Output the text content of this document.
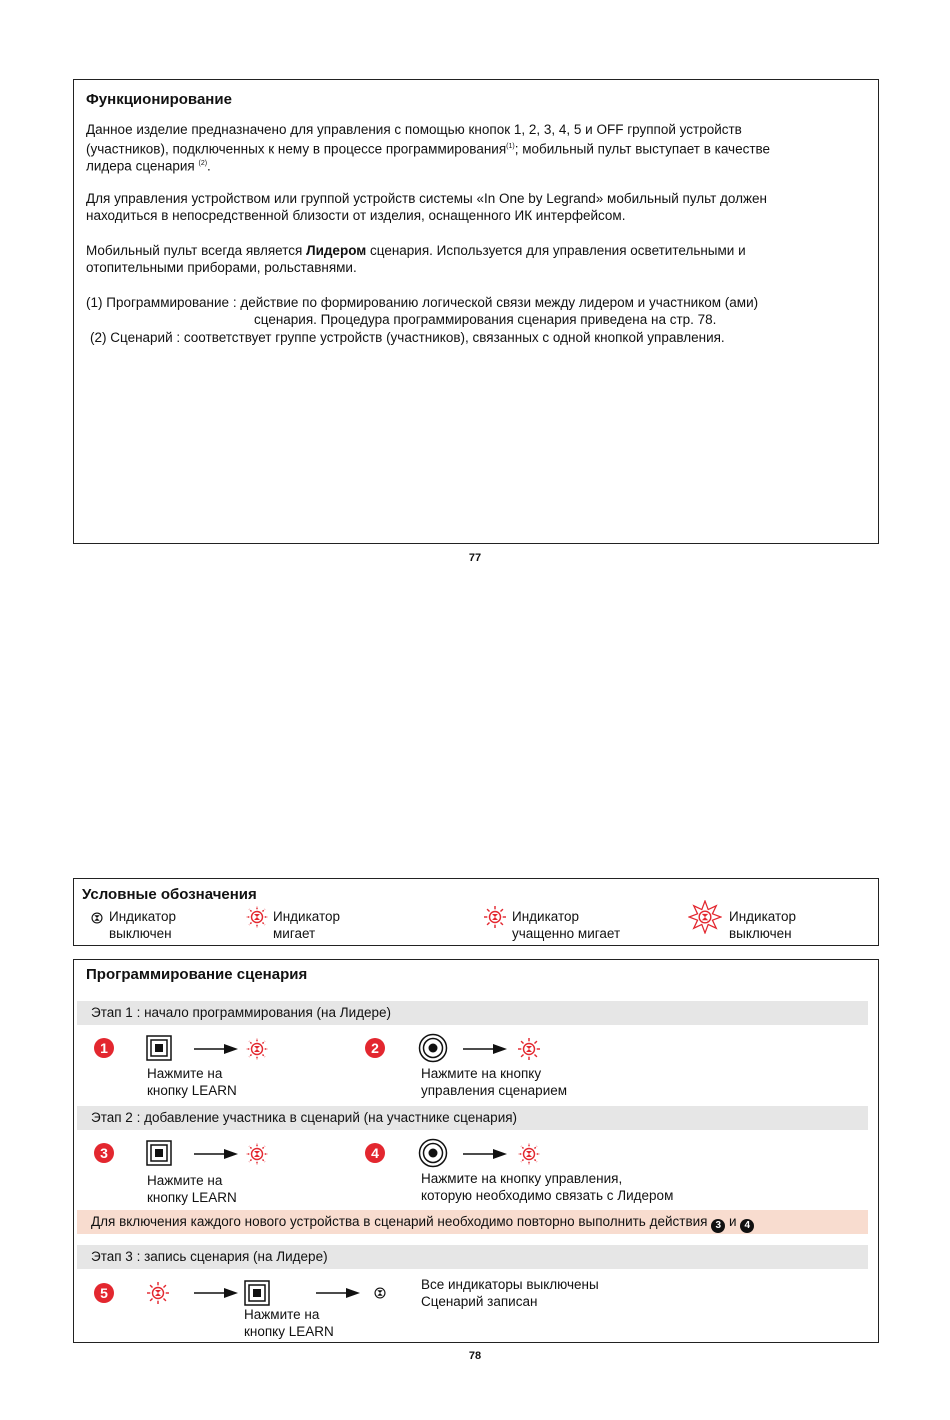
Функционирование
Данное изделие предназначено для управления с помощью кнопок 1, 2, 3, 4, 5 и OFF группой устройств
(участников), подключенных к нему в процессе программирования$^{(1)}$; мобильный пульт выступает в качестве
лидера сценария $^{(2)}$.
Для управления устройством или группой устройств системы «In One by Legrand» мобильный пульт должен
находиться в непосредственной близости от изделия, оснащенного ИК интерфейсом.
Мобильный пульт всегда является Лидером сценария. Используется для управления осветительными и
отопительными приборами, рольставнями.
(1) Программирование : действие по формированию логической связи между лидером и участником (ами)
сценария. Процедура программирования сценария приведена на стр. 78.
(2) Сценарий : соответствует группе устройств (участников), связанных с одной кнопкой управления.
77
Условные обозначения
Индикатор
выключен
Индикатор
мигает
Индикатор
учащенно мигает
Индикатор
выключен
Программирование сценария
Этап 1 : начало программирования (на Лидере)
1
Нажмите на
кнопку LEARN
2
Нажмите на кнопку
управления сценарием
Этап 2 : добавление участника в сценарий (на участнике сценария)
3
Нажмите на
кнопку LEARN
4
Нажмите на кнопку управления,
которую необходимо связать с Лидером
Для включения каждого нового устройства в сценарий необходимо повторно выполнить действия 3 и 4
Этап 3 : запись сценария (на Лидере)
5
Нажмите на
кнопку LEARN
Все индикаторы выключены
Сценарий записан
78
